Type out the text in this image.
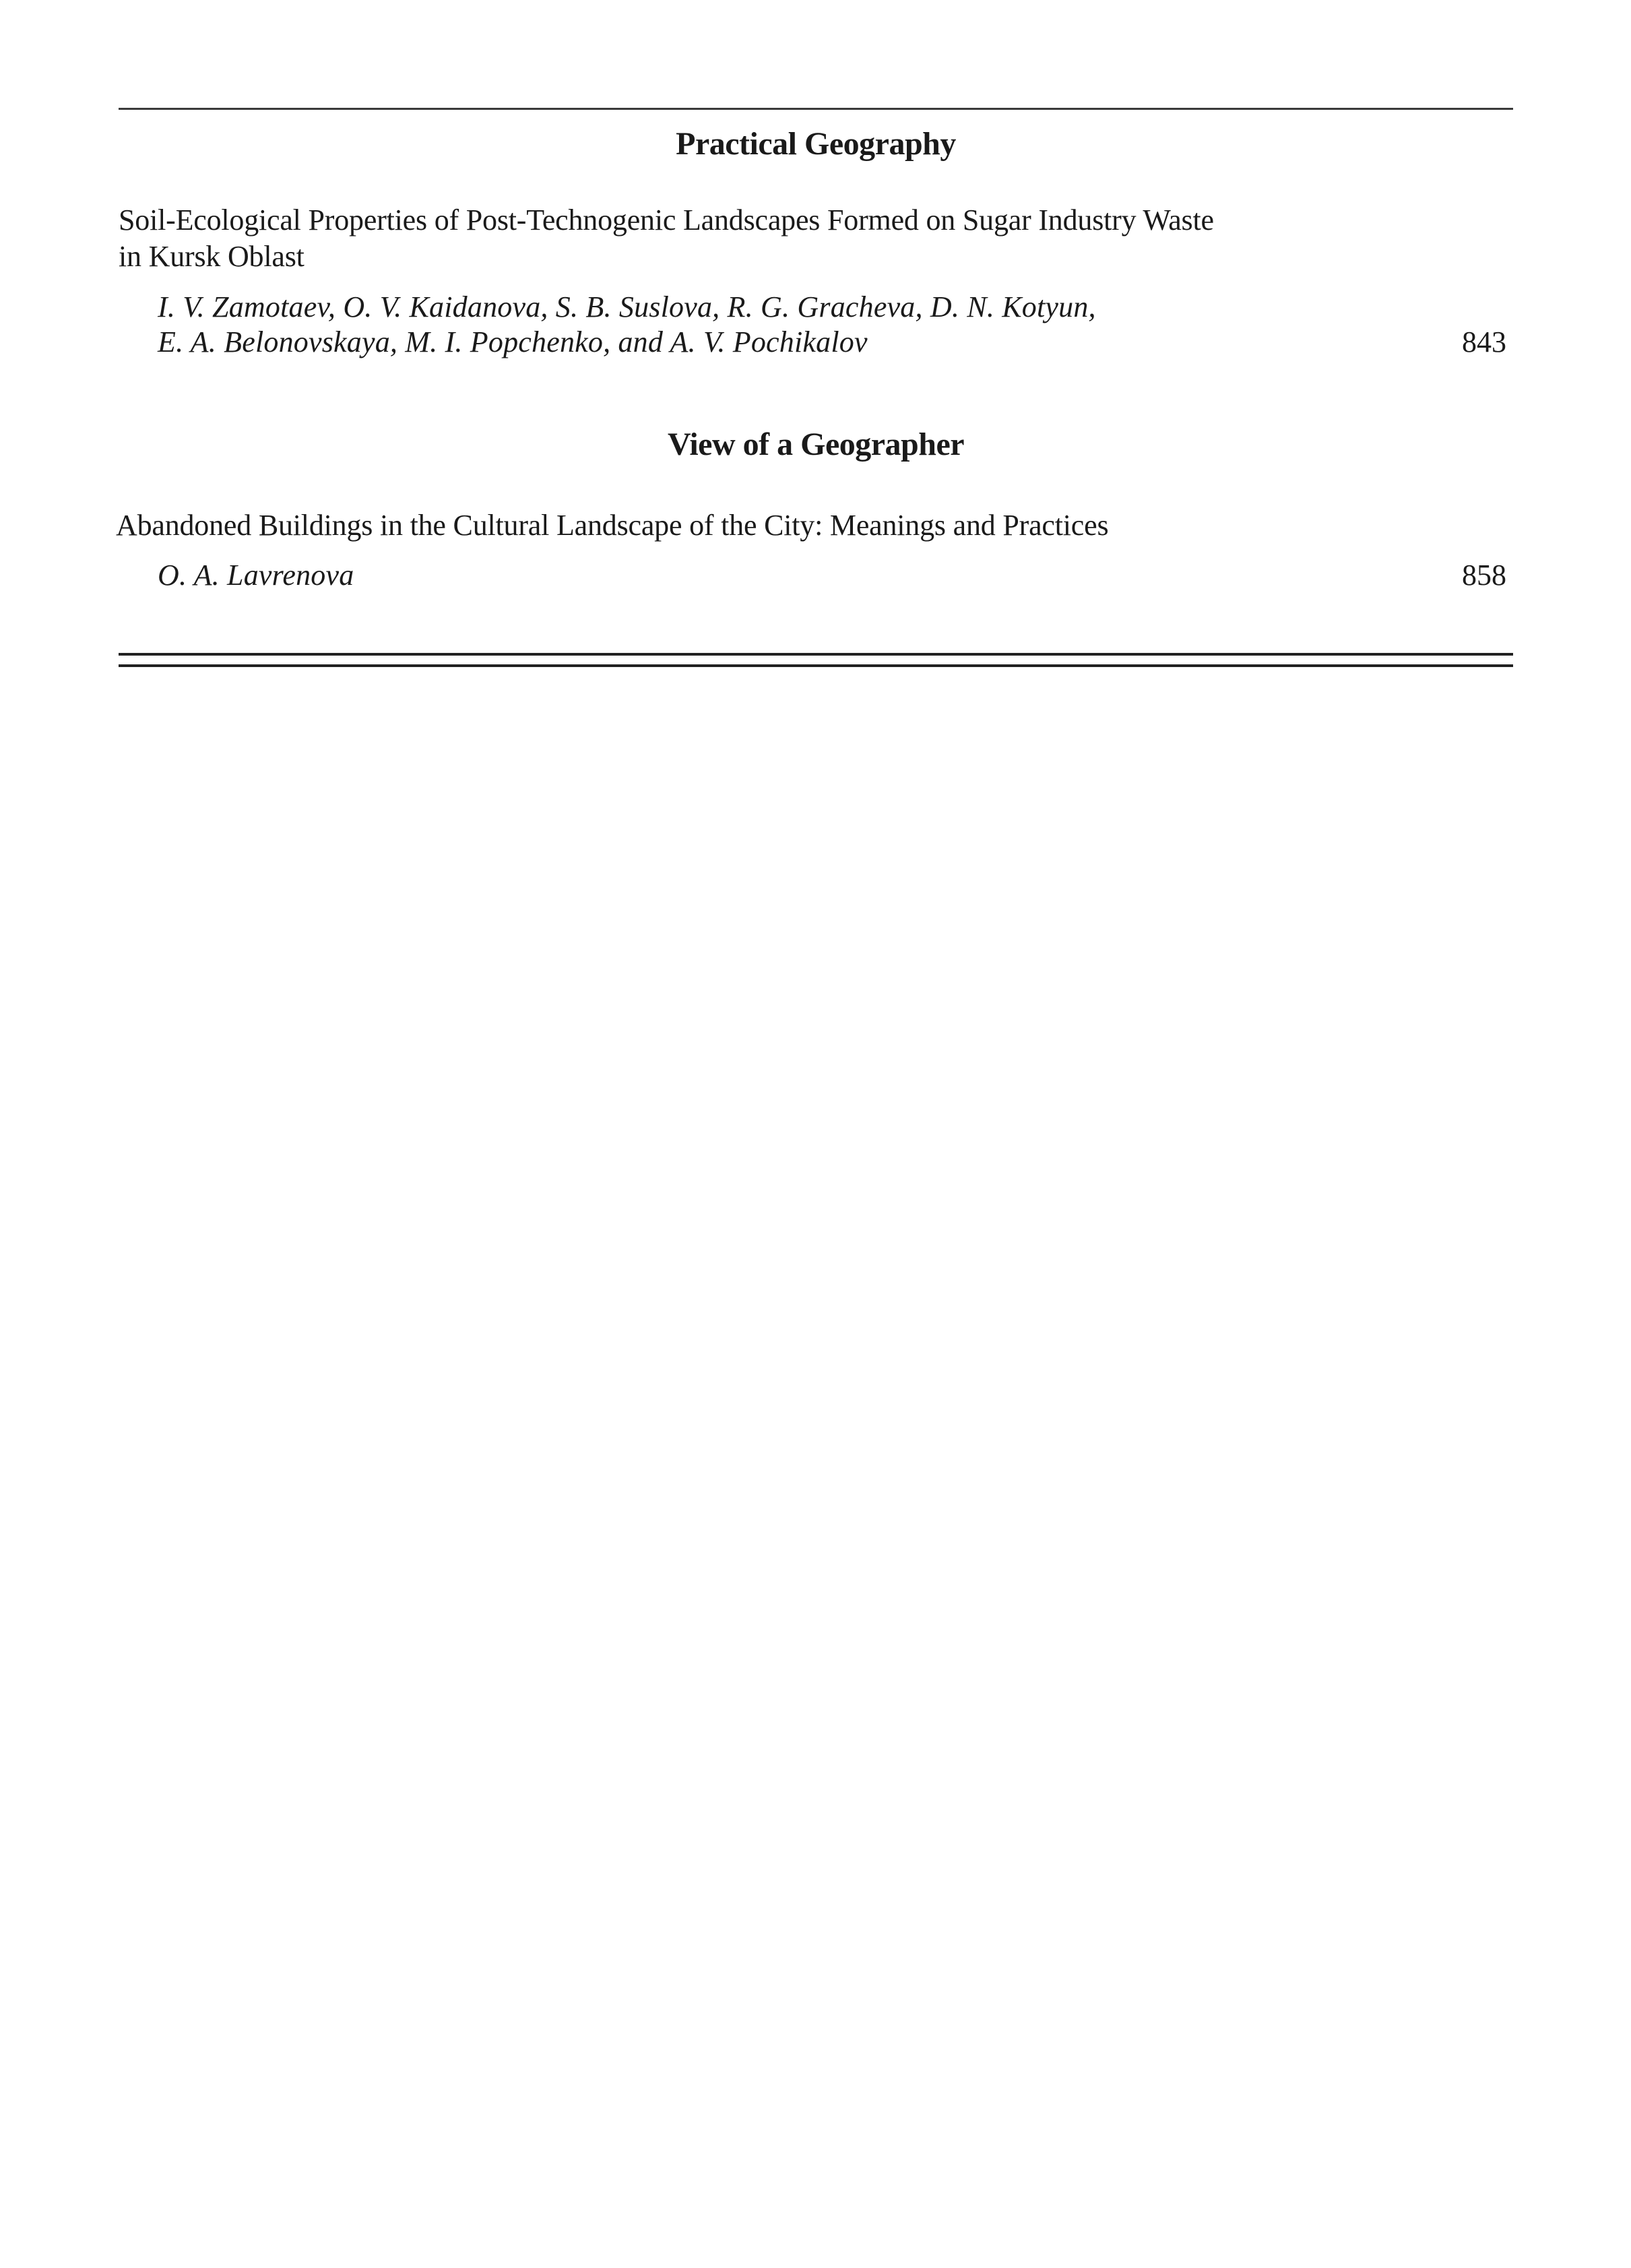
Practical Geography
Soil-Ecological Properties of Post-Technogenic Landscapes Formed on Sugar Industry Waste
in Kursk Oblast
I. V. Zamotaev, O. V. Kaidanova, S. B. Suslova, R. G. Gracheva, D. N. Kotyun,
E. A. Belonovskaya, M. I. Popchenko, and A. V. Pochikalov	843
View of a Geographer
Abandoned Buildings in the Cultural Landscape of the City: Meanings and Practices
O. A. Lavrenova	858
